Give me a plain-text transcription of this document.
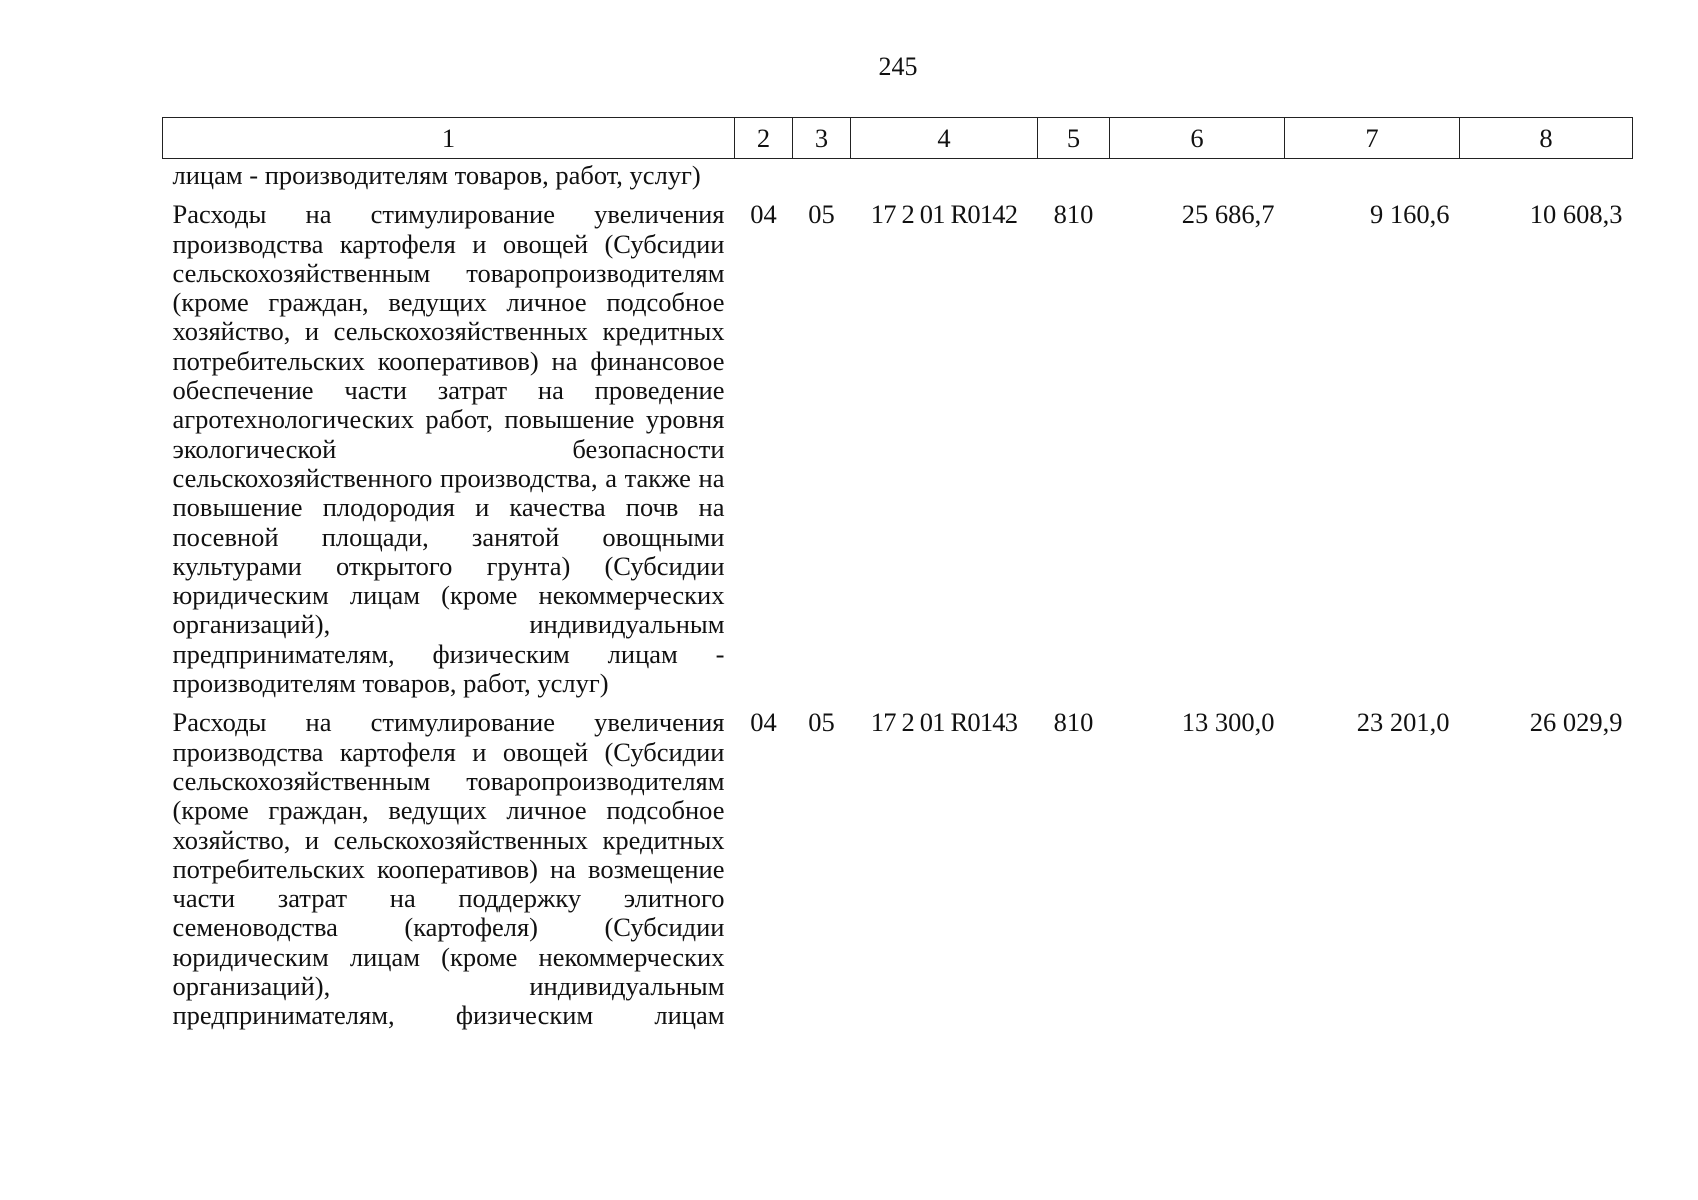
245
1	2	3	4	5	6	7	8
лицам - производителям товаров, работ, услуг)							
Расходы на стимулирование увеличения производства картофеля и овощей (Субсидии сельскохозяйственным товаропроизводителям (кроме граждан, ведущих личное подсобное хозяйство, и сельскохозяйственных кредитных потребительских кооперативов) на финансовое обеспечение части затрат на проведение агротехнологических работ, повышение уровня экологической безопасности сельскохозяйственного производства, а также на повышение плодородия и качества почв на посевной площади, занятой овощными культурами открытого грунта) (Субсидии юридическим лицам (кроме некоммерческих организаций), индивидуальным предпринимателям, физическим лицам - производителям товаров, работ, услуг)	04	05	17 2 01 R0142	810	25 686,7	9 160,6	10 608,3
Расходы на стимулирование увеличения производства картофеля и овощей (Субсидии сельскохозяйственным товаропроизводителям (кроме граждан, ведущих личное подсобное хозяйство, и сельскохозяйственных кредитных потребительских кооперативов) на возмещение части затрат на поддержку элитного семеноводства (картофеля) (Субсидии юридическим лицам (кроме некоммерческих организаций), индивидуальным предпринимателям, физическим лицам	04	05	17 2 01 R0143	810	13 300,0	23 201,0	26 029,9
